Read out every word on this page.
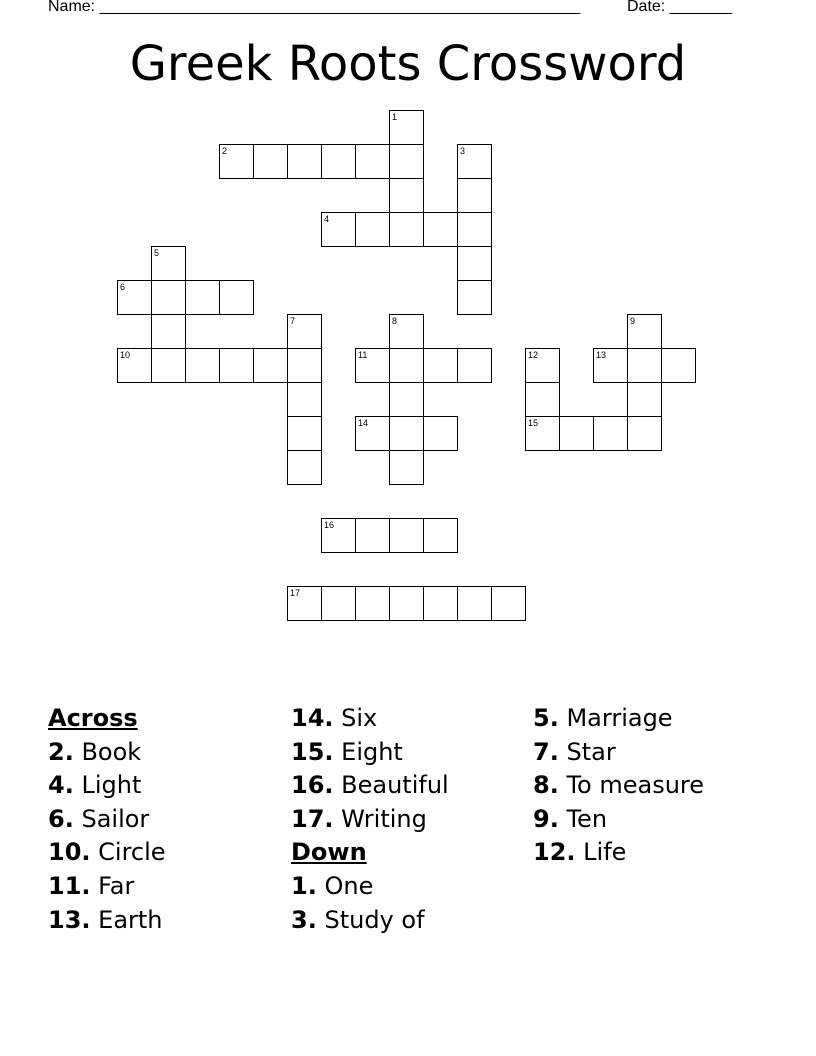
Name: ______________________________________________________	Date: _______
Greek Roots Crossword
1
2	3
4
5
6
7	8	9
10	11	12	13
14	15
16
17
Across
2. Book
4. Light
6. Sailor
10. Circle
11. Far
13. Earth
14. Six
15. Eight
16. Beautiful
17. Writing
Down
1. One
3. Study of
5. Marriage
7. Star
8. To measure
9. Ten
12. Life
